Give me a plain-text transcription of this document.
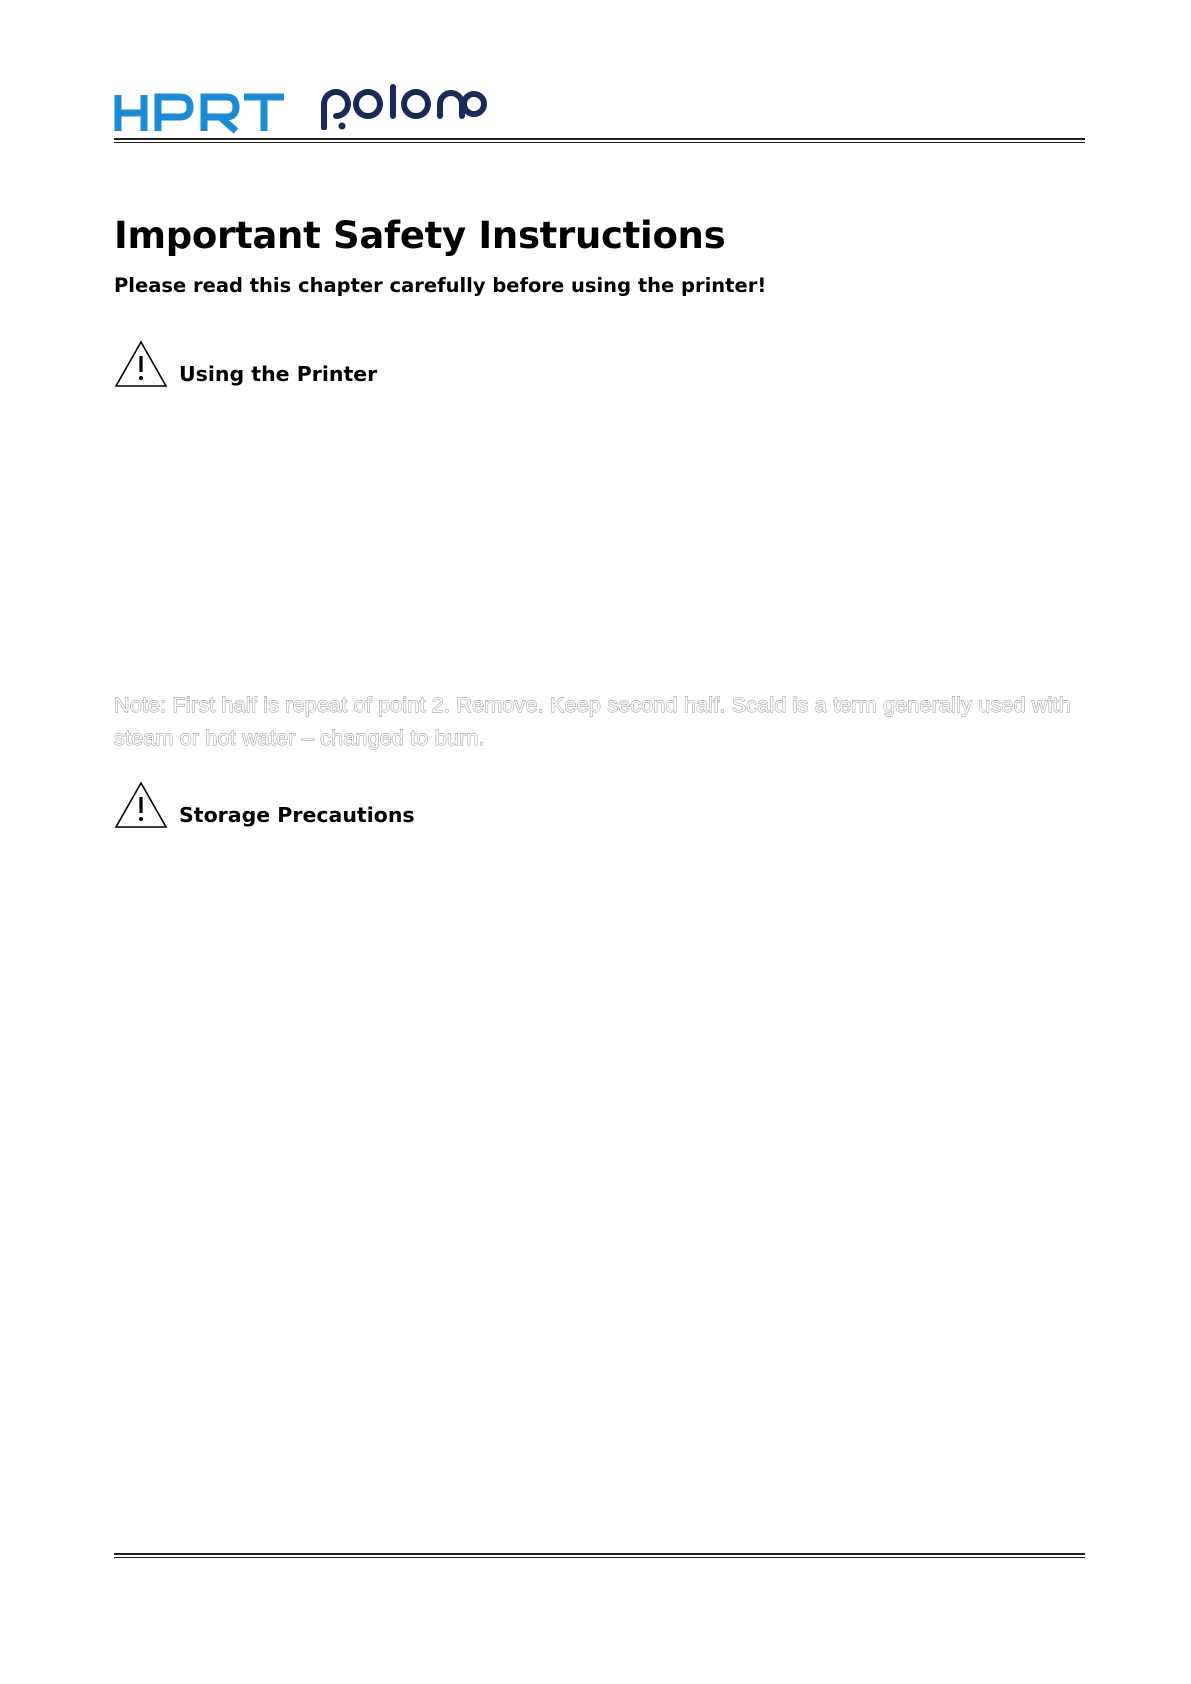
Important Safety Instructions

Please read this chapter carefully before using the printer!

Using the Printer

Note: First half is repeat of point 2. Remove. Keep second half. Scald is a term generally used with steam or hot water – changed to burn.

Storage Precautions
